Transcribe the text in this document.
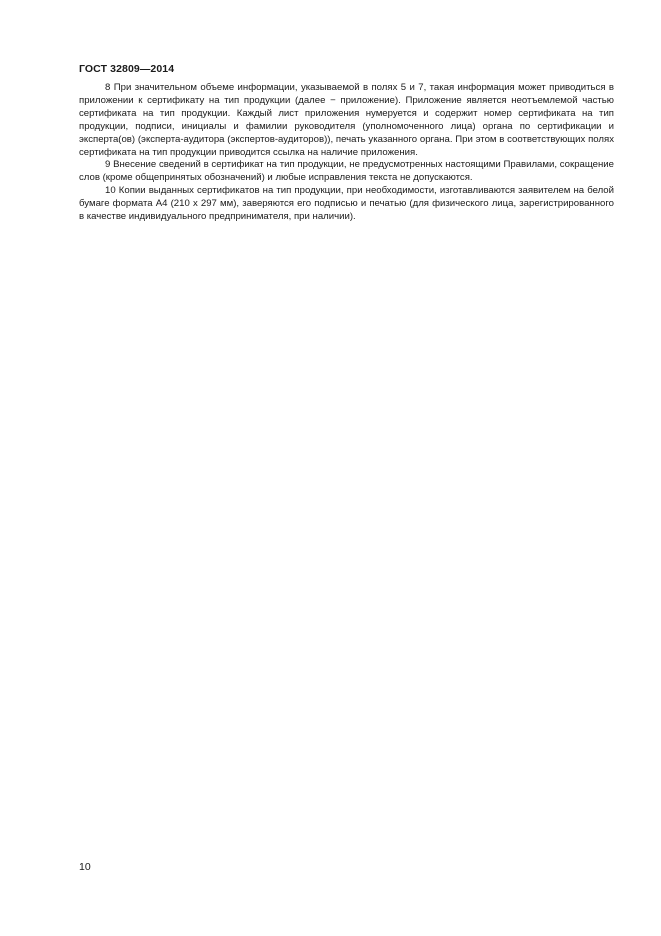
ГОСТ 32809—2014

8 При значительном объеме информации, указываемой в полях 5 и 7, такая информация может приводиться в приложении к сертификату на тип продукции (далее − приложение). Приложение является неотъемлемой частью сертификата на тип продукции. Каждый лист приложения нумеруется и содержит номер сертификата на тип продукции, подписи, инициалы и фамилии руководителя (уполномоченного лица) органа по сертификации и эксперта(ов) (эксперта-аудитора (экспертов-аудиторов)), печать указанного органа. При этом в соответствующих полях сертификата на тип продукции приводится ссылка на наличие приложения.

9 Внесение сведений в сертификат на тип продукции, не предусмотренных настоящими Правилами, сокращение слов (кроме общепринятых обозначений) и любые исправления текста не допускаются.

10 Копии выданных сертификатов на тип продукции, при необходимости, изготавливаются заявителем на белой бумаге формата А4 (210 х 297 мм), заверяются его подписью и печатью (для физического лица, зарегистрированного в качестве индивидуального предпринимателя, при наличии).

10
